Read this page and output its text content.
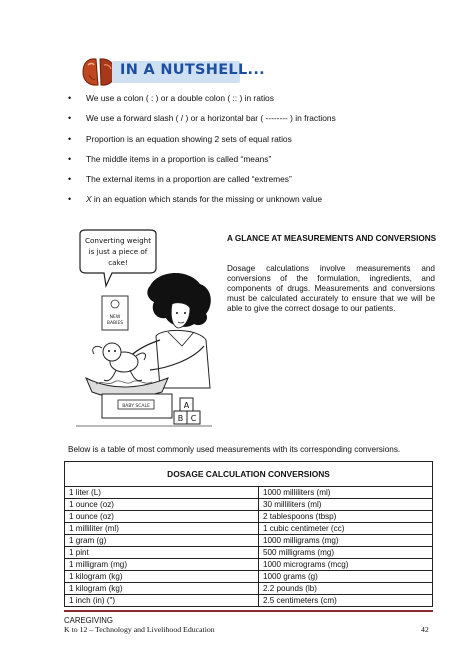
IN A NUTSHELL...
• We use a colon ( : ) or a double colon ( :: ) in ratios
• We use a forward slash ( / ) or a horizontal bar ( -------- ) in fractions
• Proportion is an equation showing 2 sets of equal ratios
• The middle items in a proportion is called “means”
• The external items in a proportion are called “extremes”
• X in an equation which stands for the missing or unknown value
Converting weight
is just a piece of
cake!
NEW
BABIES
BABY SCALE	A
B C
A GLANCE AT MEASUREMENTS AND CONVERSIONS
Dosage calculations involve measurements and conversions of the formulation, ingredients, and components of drugs. Measurements and conversions must be calculated accurately to ensure that we will be able to give the correct dosage to our patients.
Below is a table of most commonly used measurements with its corresponding conversions.
DOSAGE CALCULATION CONVERSIONS	
1 liter (L)	1000 milliliters (ml)
1 ounce (oz)	30 milliliters (ml)
1 ounce (oz)	2 tablespoons (tbsp)
1 milliliter (ml)	1 cubic centimeter (cc)
1 gram (g)	1000 milligrams (mg)
1 pint	500 milligrams (mg)
1 milligram (mg)	1000 micrograms (mcg)
1 kilogram (kg)	1000 grams (g)
1 kilogram (kg)	2.2 pounds (lb)
1 inch (in) (")	2.5 centimeters (cm)
CAREGIVING
K to 12 – Technology and Livelihood Education	42
